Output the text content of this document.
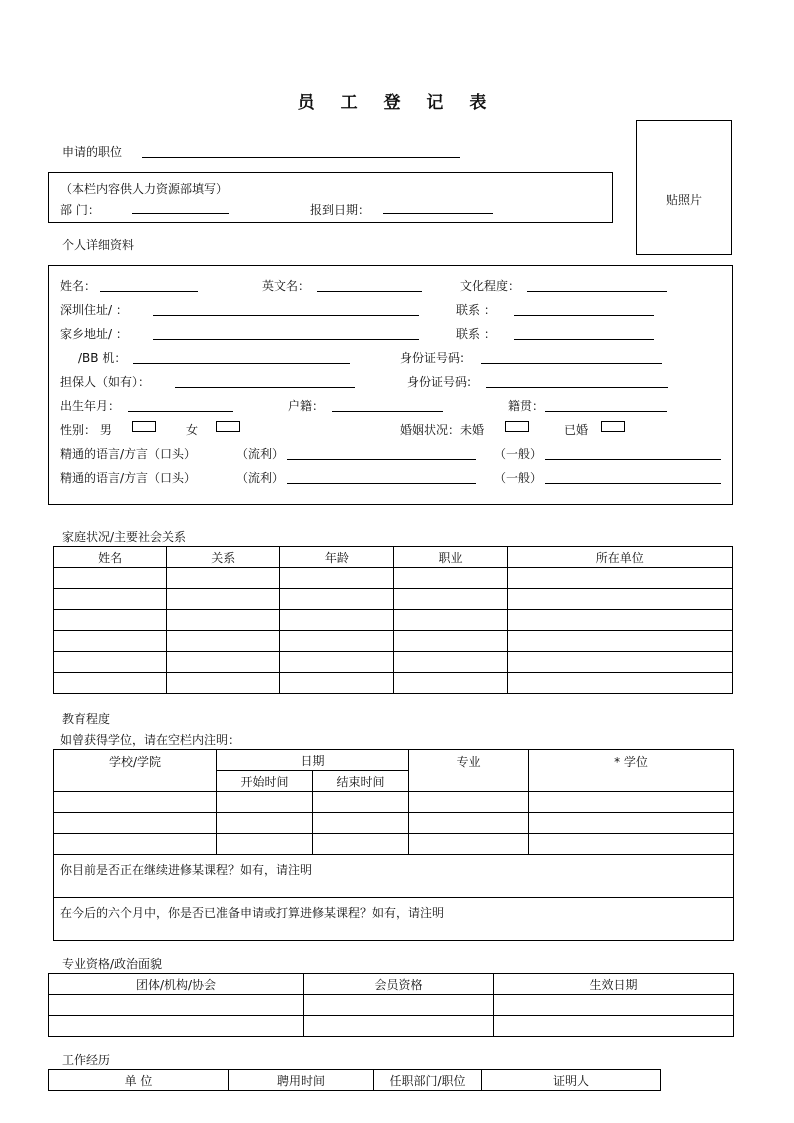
员 工 登 记 表
申请的职位
贴照片
（本栏内容供人力资源部填写）
部 门：	报到日期：
个人详细资料
姓名：	英文名：	文化程度：
深圳住址/ ：	联系 ：
家乡地址/ ：	联系 ：
/BB 机：	身份证号码:
担保人（如有）：	身份证号码:
出生年月：	户籍：	籍贯：
性别： 男	女	婚姻状况：未婚	已婚
精通的语言/方言（口头）	（流利）	（一般）
精通的语言/方言（口头）	（流利）	（一般）
家庭状况/主要社会关系
姓名	关系	年龄	职业	所在单位

教育程度
如曾获得学位，请在空栏内注明：
学校/学院	日期		专业	* 学位
	开始时间	结束时间		

你目前是否正在继续进修某课程？如有，请注明				
在今后的六个月中，你是否已准备申请或打算进修某课程？如有，请注明				
专业资格/政治面貌
团体/机构/协会	会员资格	生效日期

工作经历
单 位	聘用时间	任职部门/职位	证明人
